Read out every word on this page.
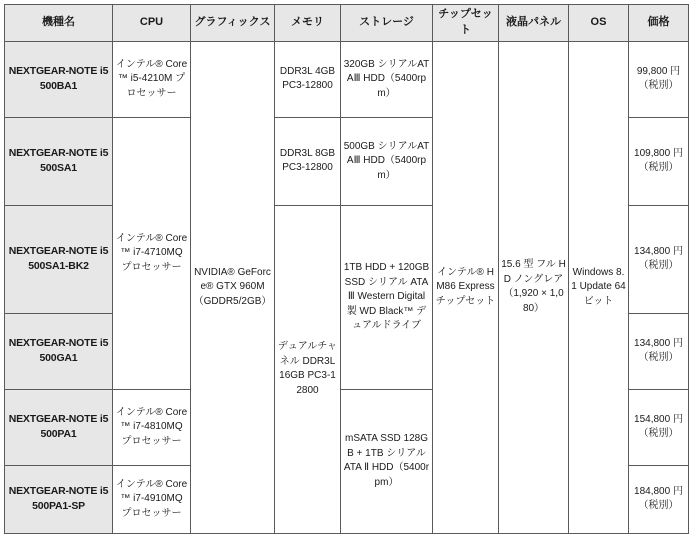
機種名	CPU	グラフィックス	メモリ	ストレージ	チップセット	液晶パネル	OS	価格
NEXTGEAR-NOTE i5500BA1	インテル® Core™ i5-4210M プロセッサー	NVIDIA® GeForce® GTX 960M（GDDR5/2GB）	DDR3L 4GB PC3-12800	320GB シリアルATAⅢ HDD（5400rpm）	インテル® HM86 Express チップセット	15.6 型 フル HD ノングレア（1,920 × 1,080）	Windows 8.1 Update 64 ビット	99,800 円（税別）
NEXTGEAR-NOTE i5500SA1	インテル® Core™ i7-4710MQ プロセッサー		DDR3L 8GB PC3-12800	500GB シリアルATAⅢ HDD（5400rpm）				109,800 円（税別）
NEXTGEAR-NOTE i5500SA1-BK2			デュアルチャネル DDR3L 16GB PC3-12800	1TB HDD + 120GB SSD シリアル ATAⅢ Western Digital 製 WD Black™ デュアルドライブ				134,800 円（税別）
NEXTGEAR-NOTE i5500GA1								134,800 円（税別）
NEXTGEAR-NOTE i5500PA1	インテル® Core™ i7-4810MQ プロセッサー			mSATA SSD 128GB + 1TB シリアル ATA Ⅱ HDD（5400rpm）				154,800 円（税別）
NEXTGEAR-NOTE i5500PA1-SP	インテル® Core™ i7-4910MQ プロセッサー							184,800 円（税別）
